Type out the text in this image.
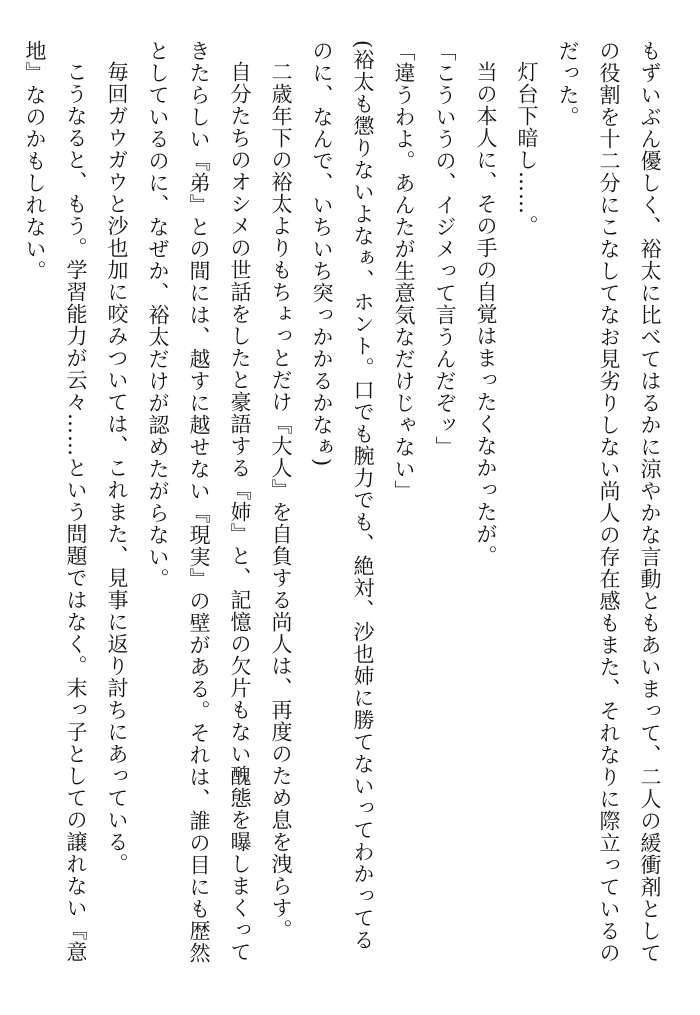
もずいぶん優しく、裕太に比べてはるかに涼やかな言動ともあいまって、二人の緩衝剤として

の役割を十二分にこなしてなお見劣りしない尚人の存在感もまた、それなりに際立っているの

だった。

灯台下暗し……。

当の本人に、その手の自覚はまったくなかったが。

「こういうの、イジメって言うんだぞッ」

「違うわよ。あんたが生意気なだけじゃない」

(裕太も懲りないよなぁ、ホント。口でも腕力でも、絶対、沙也姉に勝てないってわかってる

のに、なんで、いちいち突っかかるかなぁ)

二歳年下の裕太よりもちょっとだけ『大人』を自負する尚人は、再度のため息を洩らす。

自分たちのオシメの世話をしたと豪語する『姉』と、記憶の欠片もない醜態を曝しまくって

きたらしい『弟』との間には、越すに越せない『現実』の壁がある。それは、誰の目にも歴然

としているのに、なぜか、裕太だけが認めたがらない。

毎回ガウガウと沙也加に咬みついては、これまた、見事に返り討ちにあっている。

こうなると、もう。学習能力が云々……という問題ではなく。末っ子としての譲れない『意

地』なのかもしれない。
